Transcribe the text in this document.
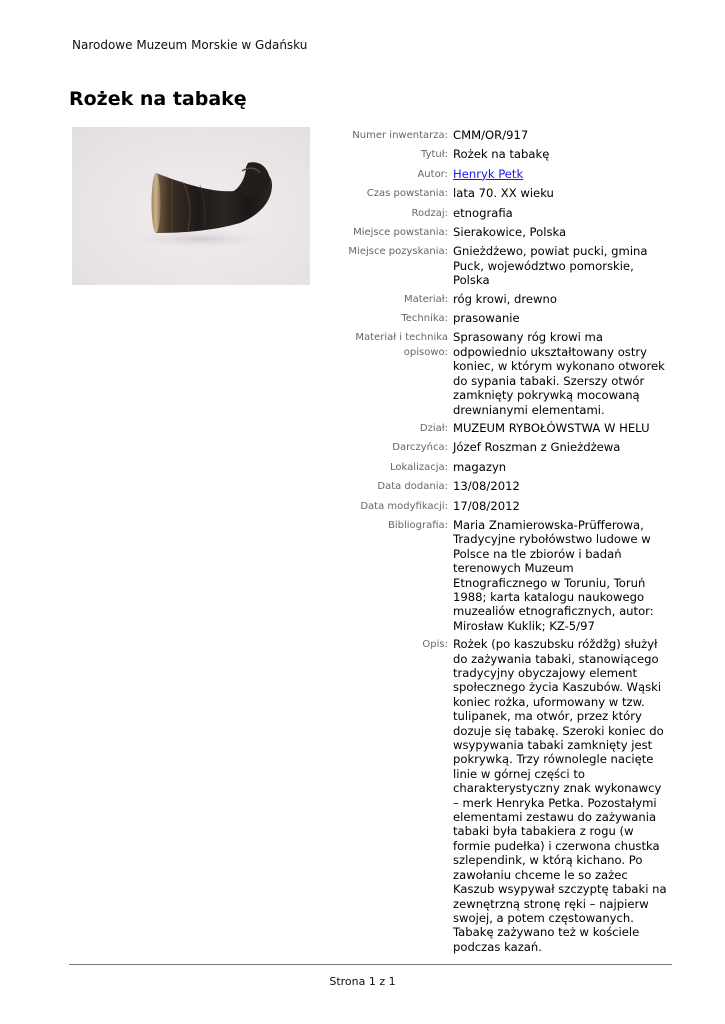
Narodowe Muzeum Morskie w Gdańsku
Rożek na tabakę
Numer inwentarza: CMM/OR/917
Tytuł: Rożek na tabakę
Autor: Henryk Petk
Czas powstania: lata 70. XX wieku
Rodzaj: etnografia
Miejsce powstania: Sierakowice, Polska
Miejsce pozyskania: Gnieżdżewo, powiat pucki, gmina Puck, województwo pomorskie, Polska
Materiał: róg krowi, drewno
Technika: prasowanie
Materiał i technika opisowo:
Sprasowany róg krowi ma odpowiednio ukształtowany ostry koniec, w którym wykonano otworek do sypania tabaki. Szerszy otwór zamknięty pokrywką mocowaną drewnianymi elementami.
Dział: MUZEUM RYBOŁÓWSTWA W HELU
Darczyńca: Józef Roszman z Gnieżdżewa
Lokalizacja: magazyn
Data dodania: 13/08/2012
Data modyfikacji: 17/08/2012
Bibliografia: Maria Znamierowska-Prüfferowa, Tradycyjne rybołówstwo ludowe w Polsce na tle zbiorów i badań terenowych Muzeum Etnograficznego w Toruniu, Toruń 1988; karta katalogu naukowego muzealiów etnograficznych, autor: Mirosław Kuklik; KZ-5/97
Opis: Rożek (po kaszubsku róždžg) służył do zażywania tabaki, stanowiącego tradycyjny obyczajowy element społecznego życia Kaszubów. Wąski koniec rożka, uformowany w tzw. tulipanek, ma otwór, przez który dozuje się tabakę. Szeroki koniec do wsypywania tabaki zamknięty jest pokrywką. Trzy równolegle nacięte linie w górnej części to charakterystyczny znak wykonawcy – merk Henryka Petka. Pozostałymi elementami zestawu do zażywania tabaki była tabakiera z rogu (w formie pudełka) i czerwona chustka szlependink, w którą kichano. Po zawołaniu chceme le so zażec Kaszub wsypywał szczyptę tabaki na zewnętrzną stronę ręki – najpierw swojej, a potem częstowanych. Tabakę zażywano też w kościele podczas kazań.
Strona 1 z 1
